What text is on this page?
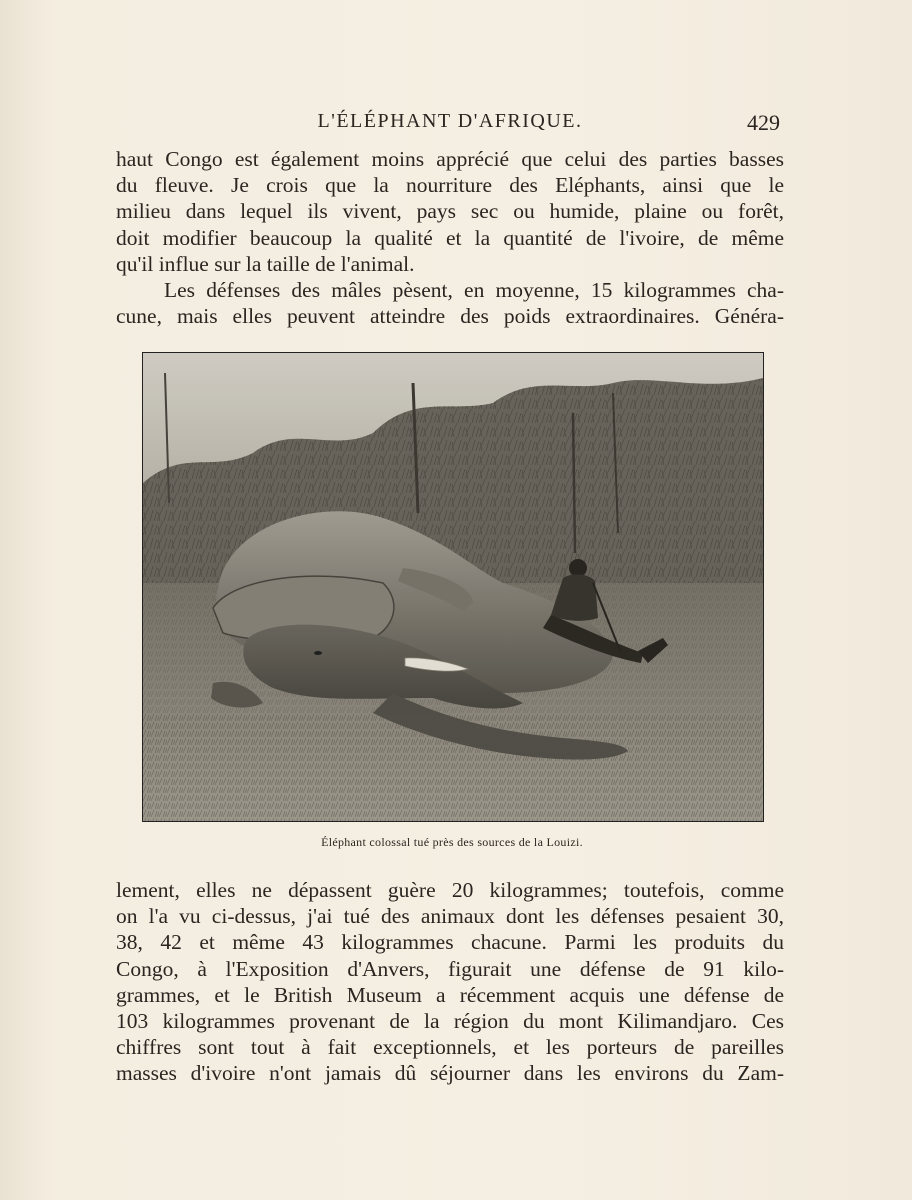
L'ÉLÉPHANT D'AFRIQUE.	429
haut Congo est également moins apprécié que celui des parties basses
du fleuve. Je crois que la nourriture des Eléphants, ainsi que le
milieu dans lequel ils vivent, pays sec ou humide, plaine ou forêt,
doit modifier beaucoup la qualité et la quantité de l'ivoire, de même
qu'il influe sur la taille de l'animal.
Les défenses des mâles pèsent, en moyenne, 15 kilogrammes cha-
cune, mais elles peuvent atteindre des poids extraordinaires. Généra-
Éléphant colossal tué près des sources de la Louizi.
lement, elles ne dépassent guère 20 kilogrammes; toutefois, comme
on l'a vu ci-dessus, j'ai tué des animaux dont les défenses pesaient 30,
38, 42 et même 43 kilogrammes chacune. Parmi les produits du
Congo, à l'Exposition d'Anvers, figurait une défense de 91 kilo-
grammes, et le British Museum a récemment acquis une défense de
103 kilogrammes provenant de la région du mont Kilimandjaro. Ces
chiffres sont tout à fait exceptionnels, et les porteurs de pareilles
masses d'ivoire n'ont jamais dû séjourner dans les environs du Zam-
